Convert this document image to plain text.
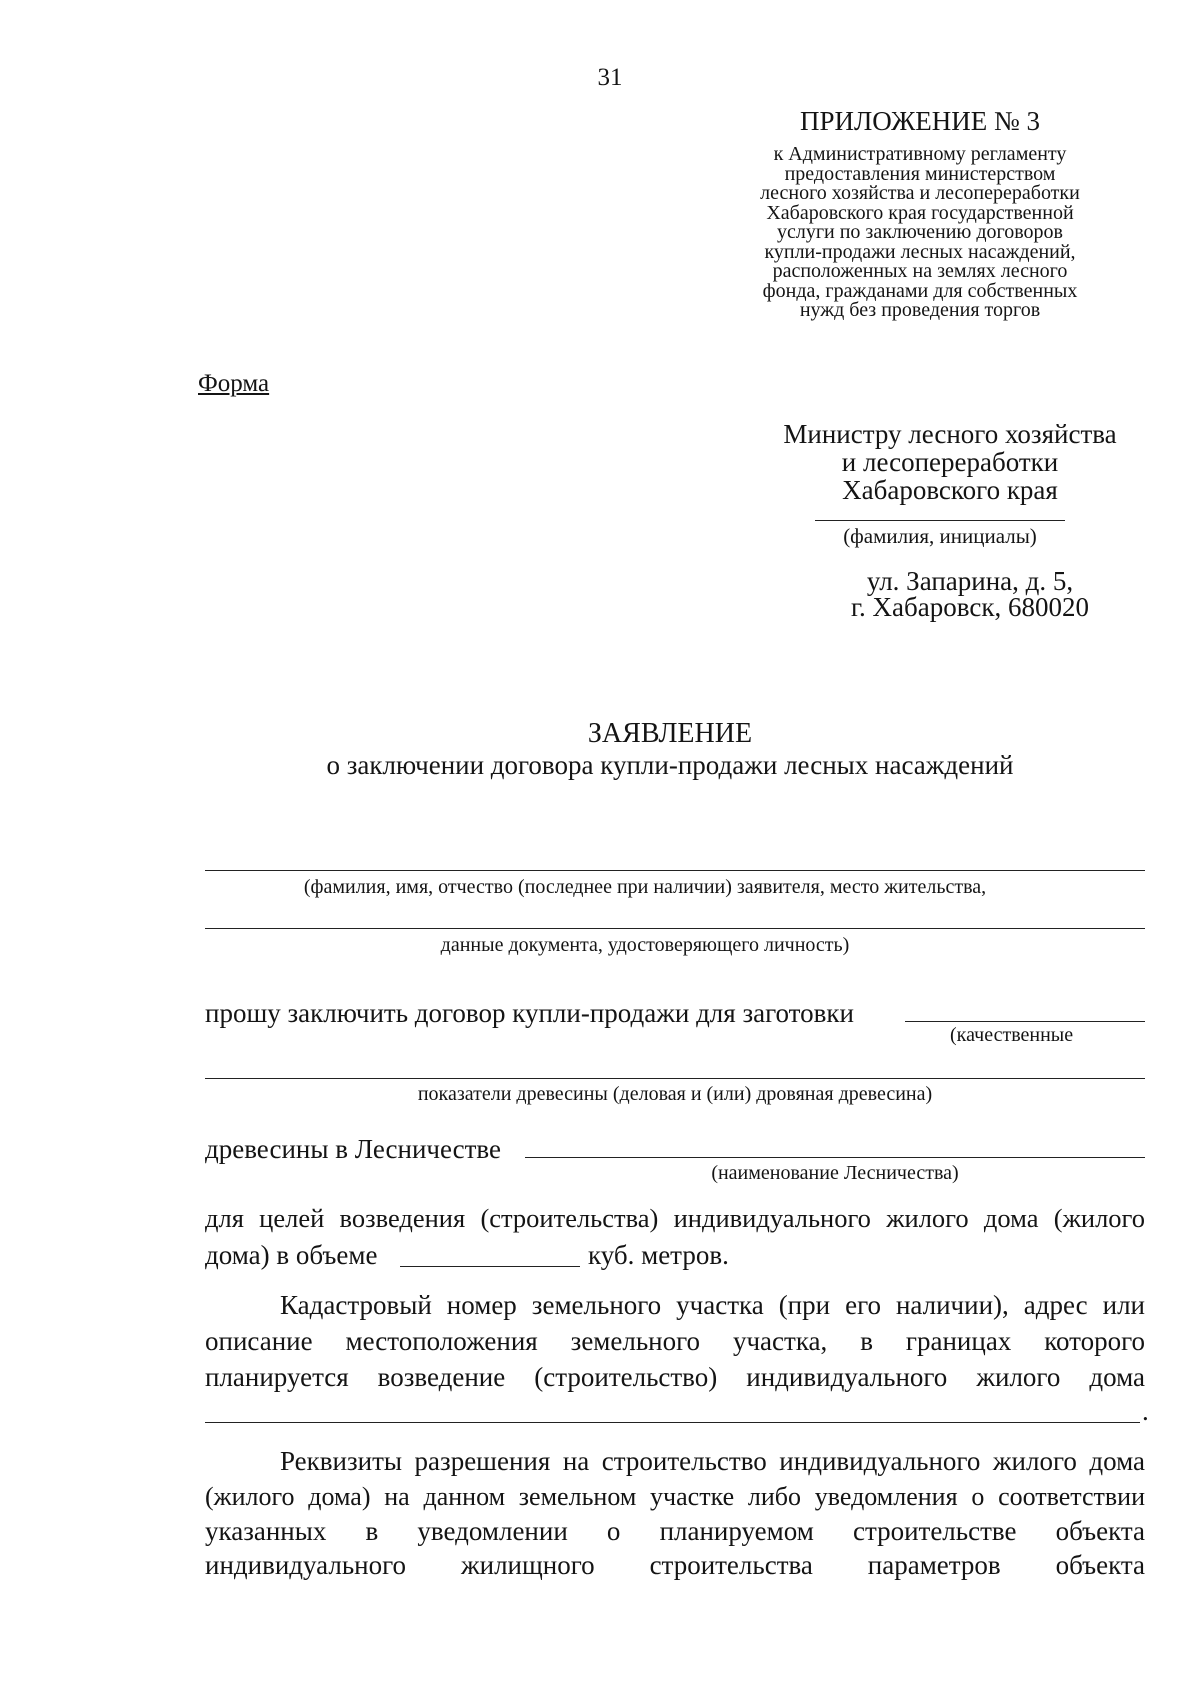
31
ПРИЛОЖЕНИЕ № 3
к Административному регламенту
предоставления министерством
лесного хозяйства и лесопереработки
Хабаровского края государственной
услуги по заключению договоров
купли-продажи лесных насаждений,
расположенных на землях лесного
фонда, гражданами для собственных
нужд без проведения торгов
Форма
Министру лесного хозяйства
и лесопереработки
Хабаровского края
(фамилия, инициалы)
ул. Запарина, д. 5,
г. Хабаровск, 680020
ЗАЯВЛЕНИЕ
о заключении договора купли-продажи лесных насаждений
(фамилия, имя, отчество (последнее при наличии) заявителя, место жительства,
данные документа, удостоверяющего личность)
прошу заключить договор купли-продажи для заготовки
(качественные
показатели древесины (деловая и (или) дровяная древесина)
древесины в Лесничестве
(наименование Лесничества)
для целей возведения (строительства) индивидуального жилого дома (жилого
дома) в объеме	куб. метров.
Кадастровый номер земельного участка (при его наличии), адрес или
описание местоположения земельного участка, в границах которого
планируется возведение (строительство) индивидуального жилого дома
.
Реквизиты разрешения на строительство индивидуального жилого дома
(жилого дома) на данном земельном участке либо уведомления о соответствии
указанных в уведомлении о планируемом строительстве объекта
индивидуального жилищного строительства параметров объекта
